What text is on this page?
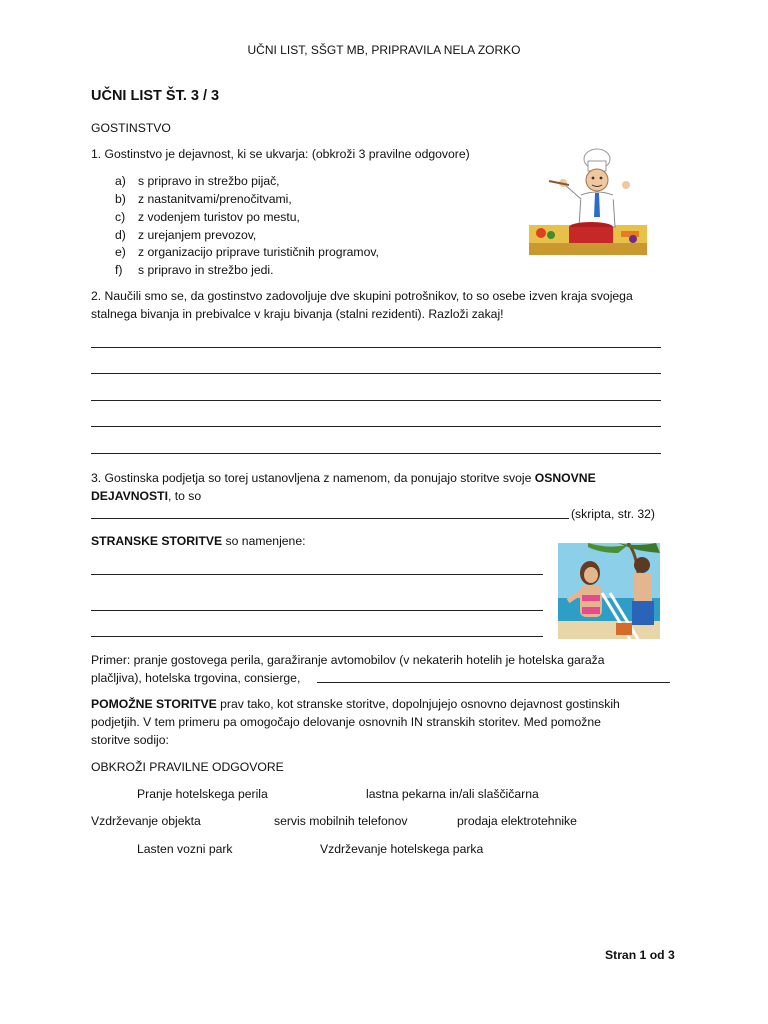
UČNI LIST, SŠGT MB, PRIPRAVILA NELA ZORKO
UČNI LIST ŠT. 3 / 3
GOSTINSTVO
1. Gostinstvo je dejavnost, ki se ukvarja: (obkroži 3 pravilne odgovore)
a) s pripravo in strežbo pijač,
b) z nastanitvami/prenočitvami,
c) z vodenjem turistov po mestu,
d) z urejanjem prevozov,
e) z organizacijo priprave turističnih programov,
f) s pripravo in strežbo jedi.
2. Naučili smo se, da gostinstvo zadovoljuje dve skupini potrošnikov, to so osebe izven kraja svojega
stalnega bivanja in prebivalce v kraju bivanja (stalni rezidenti). Razloži zakaj!
3. Gostinska podjetja so torej ustanovljena z namenom, da ponujajo storitve svoje OSNOVNE
DEJAVNOSTI, to so
(skripta, str. 32)
STRANSKE STORITVE so namenjene:
Primer: pranje gostovega perila, garažiranje avtomobilov (v nekaterih hotelih je hotelska garaža
plačljiva), hotelska trgovina, consierge,
POMOŽNE STORITVE prav tako, kot stranske storitve, dopolnjujejo osnovno dejavnost gostinskih
podjetjih. V tem primeru pa omogočajo delovanje osnovnih IN stranskih storitev. Med pomožne
storitve sodijo:
OBKROŽI PRAVILNE ODGOVORE
Pranje hotelskega perila	lastna pekarna in/ali slaščičarna
Vzdrževanje objekta	servis mobilnih telefonov	prodaja elektrotehnike
Lasten vozni park	Vzdrževanje hotelskega parka
Stran 1 od 3
